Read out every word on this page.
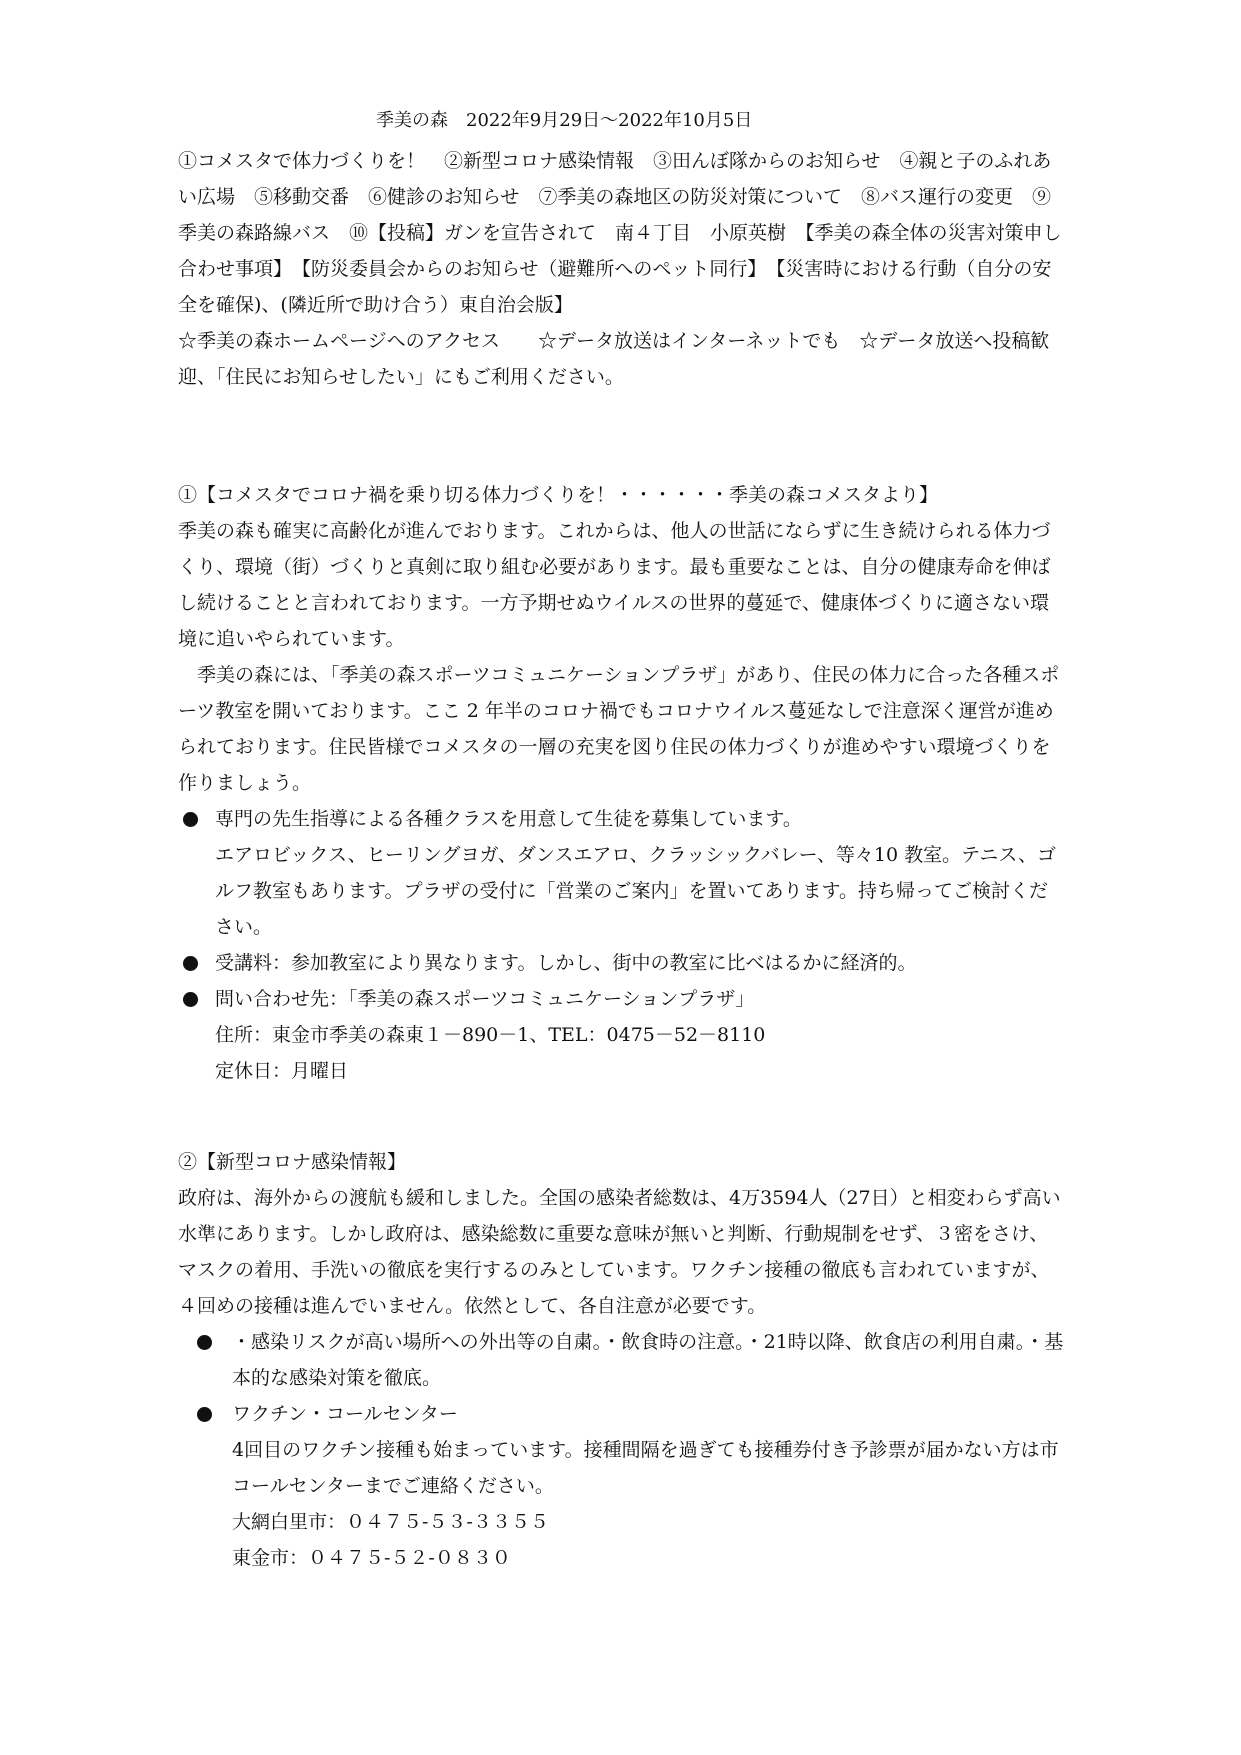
季美の森　2022年9月29日～2022年10月5日

①コメスタで体力づくりを！　②新型コロナ感染情報　③田んぼ隊からのお知らせ　④親と子のふれあい広場　⑤移動交番　⑥健診のお知らせ　⑦季美の森地区の防災対策について　⑧バス運行の変更　⑨季美の森路線バス　⑩【投稿】ガンを宣告されて　南４丁目　小原英樹　【季美の森全体の災害対策申し合わせ事項】　【防災委員会からのお知らせ（避難所へのペット同行】　【災害時における行動（自分の安全を確保)、(隣近所で助け合う）東自治会版】

☆季美の森ホームページへのアクセス　　☆データ放送はインターネットでも　☆データ放送へ投稿歓迎、「住民にお知らせしたい」にもご利用ください。

①【コメスタでコロナ禍を乗り切る体力づくりを！・・・・・・季美の森コメスタより】

季美の森も確実に高齢化が進んでおります。これからは、他人の世話にならずに生き続けられる体力づくり、環境（街）づくりと真剣に取り組む必要があります。最も重要なことは、自分の健康寿命を伸ばし続けることと言われております。一方予期せぬウイルスの世界的蔓延で、健康体づくりに適さない環境に追いやられています。

季美の森には、「季美の森スポーツコミュニケーションプラザ」があり、住民の体力に合った各種スポーツ教室を開いております。ここ 2 年半のコロナ禍でもコロナウイルス蔓延なしで注意深く運営が進められております。住民皆様でコメスタの一層の充実を図り住民の体力づくりが進めやすい環境づくりを作りましょう。

専門の先生指導による各種クラスを用意して生徒を募集しています。
エアロビックス、ヒーリングヨガ、ダンスエアロ、クラッシックバレー、等々10 教室。テニス、ゴルフ教室もあります。プラザの受付に「営業のご案内」を置いてあります。持ち帰ってご検討ください。
受講料：参加教室により異なります。しかし、街中の教室に比べはるかに経済的。
問い合わせ先：「季美の森スポーツコミュニケーションプラザ」
住所：東金市季美の森東１－890－1、TEL：0475－52－8110
定休日：月曜日

②【新型コロナ感染情報】

政府は、海外からの渡航も緩和しました。全国の感染者総数は、4万3594人（27日）と相変わらず高い水準にあります。しかし政府は、感染総数に重要な意味が無いと判断、行動規制をせず、３密をさけ、マスクの着用、手洗いの徹底を実行するのみとしています。ワクチン接種の徹底も言われていますが、４回めの接種は進んでいません。依然として、各自注意が必要です。

・感染リスクが高い場所への外出等の自粛。・飲食時の注意。・21時以降、飲食店の利用自粛。・基本的な感染対策を徹底。
ワクチン・コールセンター
4回目のワクチン接種も始まっています。接種間隔を過ぎても接種券付き予診票が届かない方は市コールセンターまでご連絡ください。
大網白里市：０４７５-５３-３３５５
東金市：０４７５-５２-０８３０
